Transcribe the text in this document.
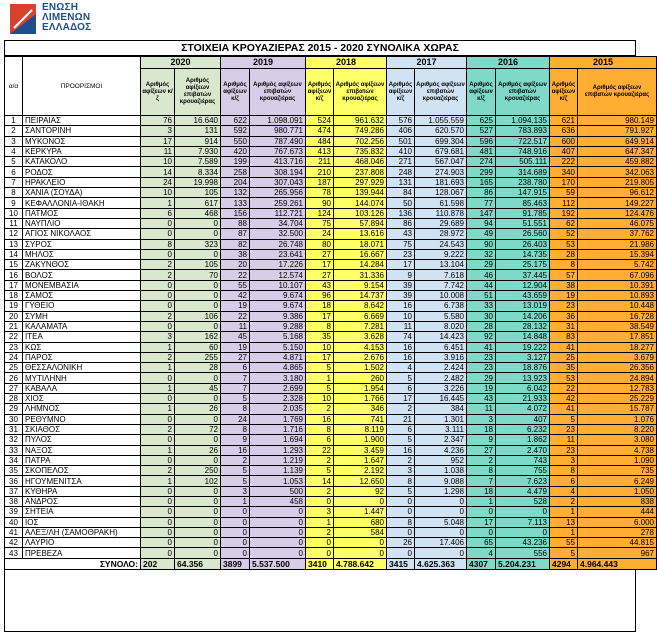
ΕΝΩΣΗ
ΛΙΜΕΝΩΝ
ΕΛΛΑΔΟΣ
ΣΤΟΙΧΕΙΑ ΚΡΟΥΑΖΙΕΡΑΣ 2015 - 2020 ΣΥΝΟΛΙΚΑ ΧΩΡΑΣ
α/α	ΠΡΟΟΡΙΣΜΟΙ	2020		2019		2018		2017		2016		2015	
		Αριθμός αφίξεων κ/ζ	Αριθμός αφίξεων επιβατών κρουαζιέρας	Αριθμός αφίξεων κ/ζ	Αριθμός αφίξεων επιβατών κρουαζιέρας	Αριθμός αφίξεων κ/ζ	Αριθμός αφίξεων επιβατών κρουαζιέρας	Αριθμός αφίξεων κ/ζ	Αριθμός αφίξεων επιβατών κρουαζιέρας	Αριθμός αφίξεων κ/ζ	Αριθμός αφίξεων επιβατών κρουαζιέρας	Αριθμός αφίξεων κ/ζ	Αριθμός αφίξεων επιβατών κρουαζιέρας
1	ΠΕΙΡΑΙΑΣ	76	16.640	622	1.098.091	524	961.632	576	1.055.559	625	1.094.135	621	980.149
2	ΣΑΝΤΟΡΙΝΗ	3	131	592	980.771	474	749.286	406	620.570	527	783.893	636	791.927
3	ΜΥΚΟΝΟΣ	17	914	550	787.490	484	702.256	501	699.304	596	722.517	600	649.914
4	ΚΕΡΚΥΡΑ	11	7.930	420	767.673	413	735.832	410	679.681	481	748.916	407	647.347
5	ΚΑΤΑΚΟΛΟ	10	7.589	199	413.716	211	468.046	271	567.047	274	505.111	222	459.882
6	ΡΟΔΟΣ	14	8.334	258	308.194	210	237.808	248	274.903	299	314.689	340	342.063
7	ΗΡΑΚΛΕΙΟ	24	19.998	204	307.043	187	297.929	131	181.693	165	238.780	170	219.805
8	ΧΑΝΙΑ (ΣΟΥΔΑ)	10	105	132	265.956	78	139.944	84	128.067	86	147.915	59	96.612
9	ΚΕΦΑΛΛΟΝΙΑ-ΙΘΑΚΗ	1	617	133	259.261	90	144.074	50	61.598	77	85.463	112	149.227
10	ΠΑΤΜΟΣ	6	468	156	112.721	124	103.126	136	110.878	147	91.785	192	124.476
11	ΝΑΥΠΛΙΟ	0	0	88	34.704	75	57.894	86	29.689	94	51.551	62	46.075
12	ΑΓΙΟΣ ΝΙΚΟΛΑΟΣ	0	0	87	32.500	24	13.616	43	28.972	49	26.560	52	37.762
13	ΣΥΡΟΣ	8	323	82	26.748	80	18.071	75	24.543	90	26.403	53	21.986
14	ΜΗΛΟΣ	0	0	38	23.641	27	16.667	23	9.222	32	14.735	28	15.394
15	ΖΑΚΥΝΘΟΣ	2	105	20	17.226	17	14.284	17	13.104	29	25.175	8	5.742
16	ΒΟΛΟΣ	2	70	22	12.574	27	31.336	9	7.618	46	37.445	57	67.096
17	ΜΟΝΕΜΒΑΣΙΑ	0	0	55	10.107	43	9.154	39	7.742	44	12.904	38	10.391
18	ΣΑΜΟΣ	0	0	42	9.674	96	14.737	39	10.008	51	43.659	19	10.893
19	ΓΥΘΕΙΟ	0	0	19	9.674	18	8.642	16	6.738	33	13.019	23	10.448
20	ΣΥΜΗ	2	106	22	9.386	17	6.669	10	5.580	30	14.206	36	16.728
21	ΚΑΛΑΜΑΤΑ	0	0	11	9.288	8	7.281	11	8.020	28	28.132	31	38.549
22	ΙΤΕΑ	3	162	45	5.168	35	3.628	74	14.423	92	14.848	83	17.851
23	ΚΩΣ	1	60	19	5.150	10	4.153	16	6.451	41	19.222	41	18.277
24	ΠΑΡΟΣ	2	255	27	4.871	17	2.676	16	3.916	23	3.127	25	3.679
25	ΘΕΣΣΑΛΟΝΙΚΗ	1	28	6	4.865	5	1.502	4	2.424	23	18.876	35	26.356
26	ΜΥΤΙΛΗΝΗ	0	0	7	3.180	1	260	5	2.482	29	13.923	53	24.894
27	ΚΑΒΑΛΑ	1	45	7	2.699	5	1.954	6	3.226	19	6.042	22	12.783
28	ΧΙΟΣ	0	0	5	2.328	10	1.766	17	16.445	43	21.933	42	25.229
29	ΛΗΜΝΟΣ	1	26	8	2.035	2	346	2	384	11	4.072	41	15.787
30	ΡΕΘΥΜΝΟ	0	0	24	1.769	16	741	21	1.301	3	407	5	1.076
31	ΣΚΙΑΘΟΣ	2	72	8	1.716	8	8.119	6	3.111	18	6.232	23	8.220
32	ΠΥΛΟΣ	0	0	9	1.694	6	1.900	5	2.347	9	1.862	11	3.080
33	ΝΑΞΟΣ	1	26	16	1.293	22	3.459	16	4.236	27	2.470	23	4.738
34	ΠΑΤΡΑ	0	0	2	1.219	2	1.647	2	952	2	743	3	1.090
35	ΣΚΟΠΕΛΟΣ	2	250	5	1.139	5	2.192	3	1.038	8	755	8	735
36	ΗΓΟΥΜΕΝΙΤΣΑ	1	102	5	1.053	14	12.650	8	9.088	7	7.623	6	6.249
37	ΚΥΘΗΡΑ	0	0	3	500	2	92	5	1.298	18	4.479	4	1.050
38	ΑΝΔΡΟΣ	0	0	1	458	0	0	0	0	1	528	2	838
39	ΣΗΤΕΙΑ	0	0	0	0	3	1.447	0	0	0	0	1	444
40	ΙΟΣ	0	0	0	0	1	680	8	5.048	17	7.113	13	6.000
41	ΑΛΕΞ/ΛΗ (ΣΑΜΟΘΡΑΚΗ)	0	0	0	0	2	584	0	0	0	0	1	278
42	ΛΑΥΡΙΟ	0	0	0	0	0	0	26	17.406	65	43.236	55	44.815
43	ΠΡΕΒΕΖΑ	0	0	0	0	0	0	0	0	4	556	5	967
ΣΥΝΟΛΟ:		202	64.356	3899	5.537.500	3410	4.788.642	3415	4.625.363	4307	5.204.231	4294	4.964.443
